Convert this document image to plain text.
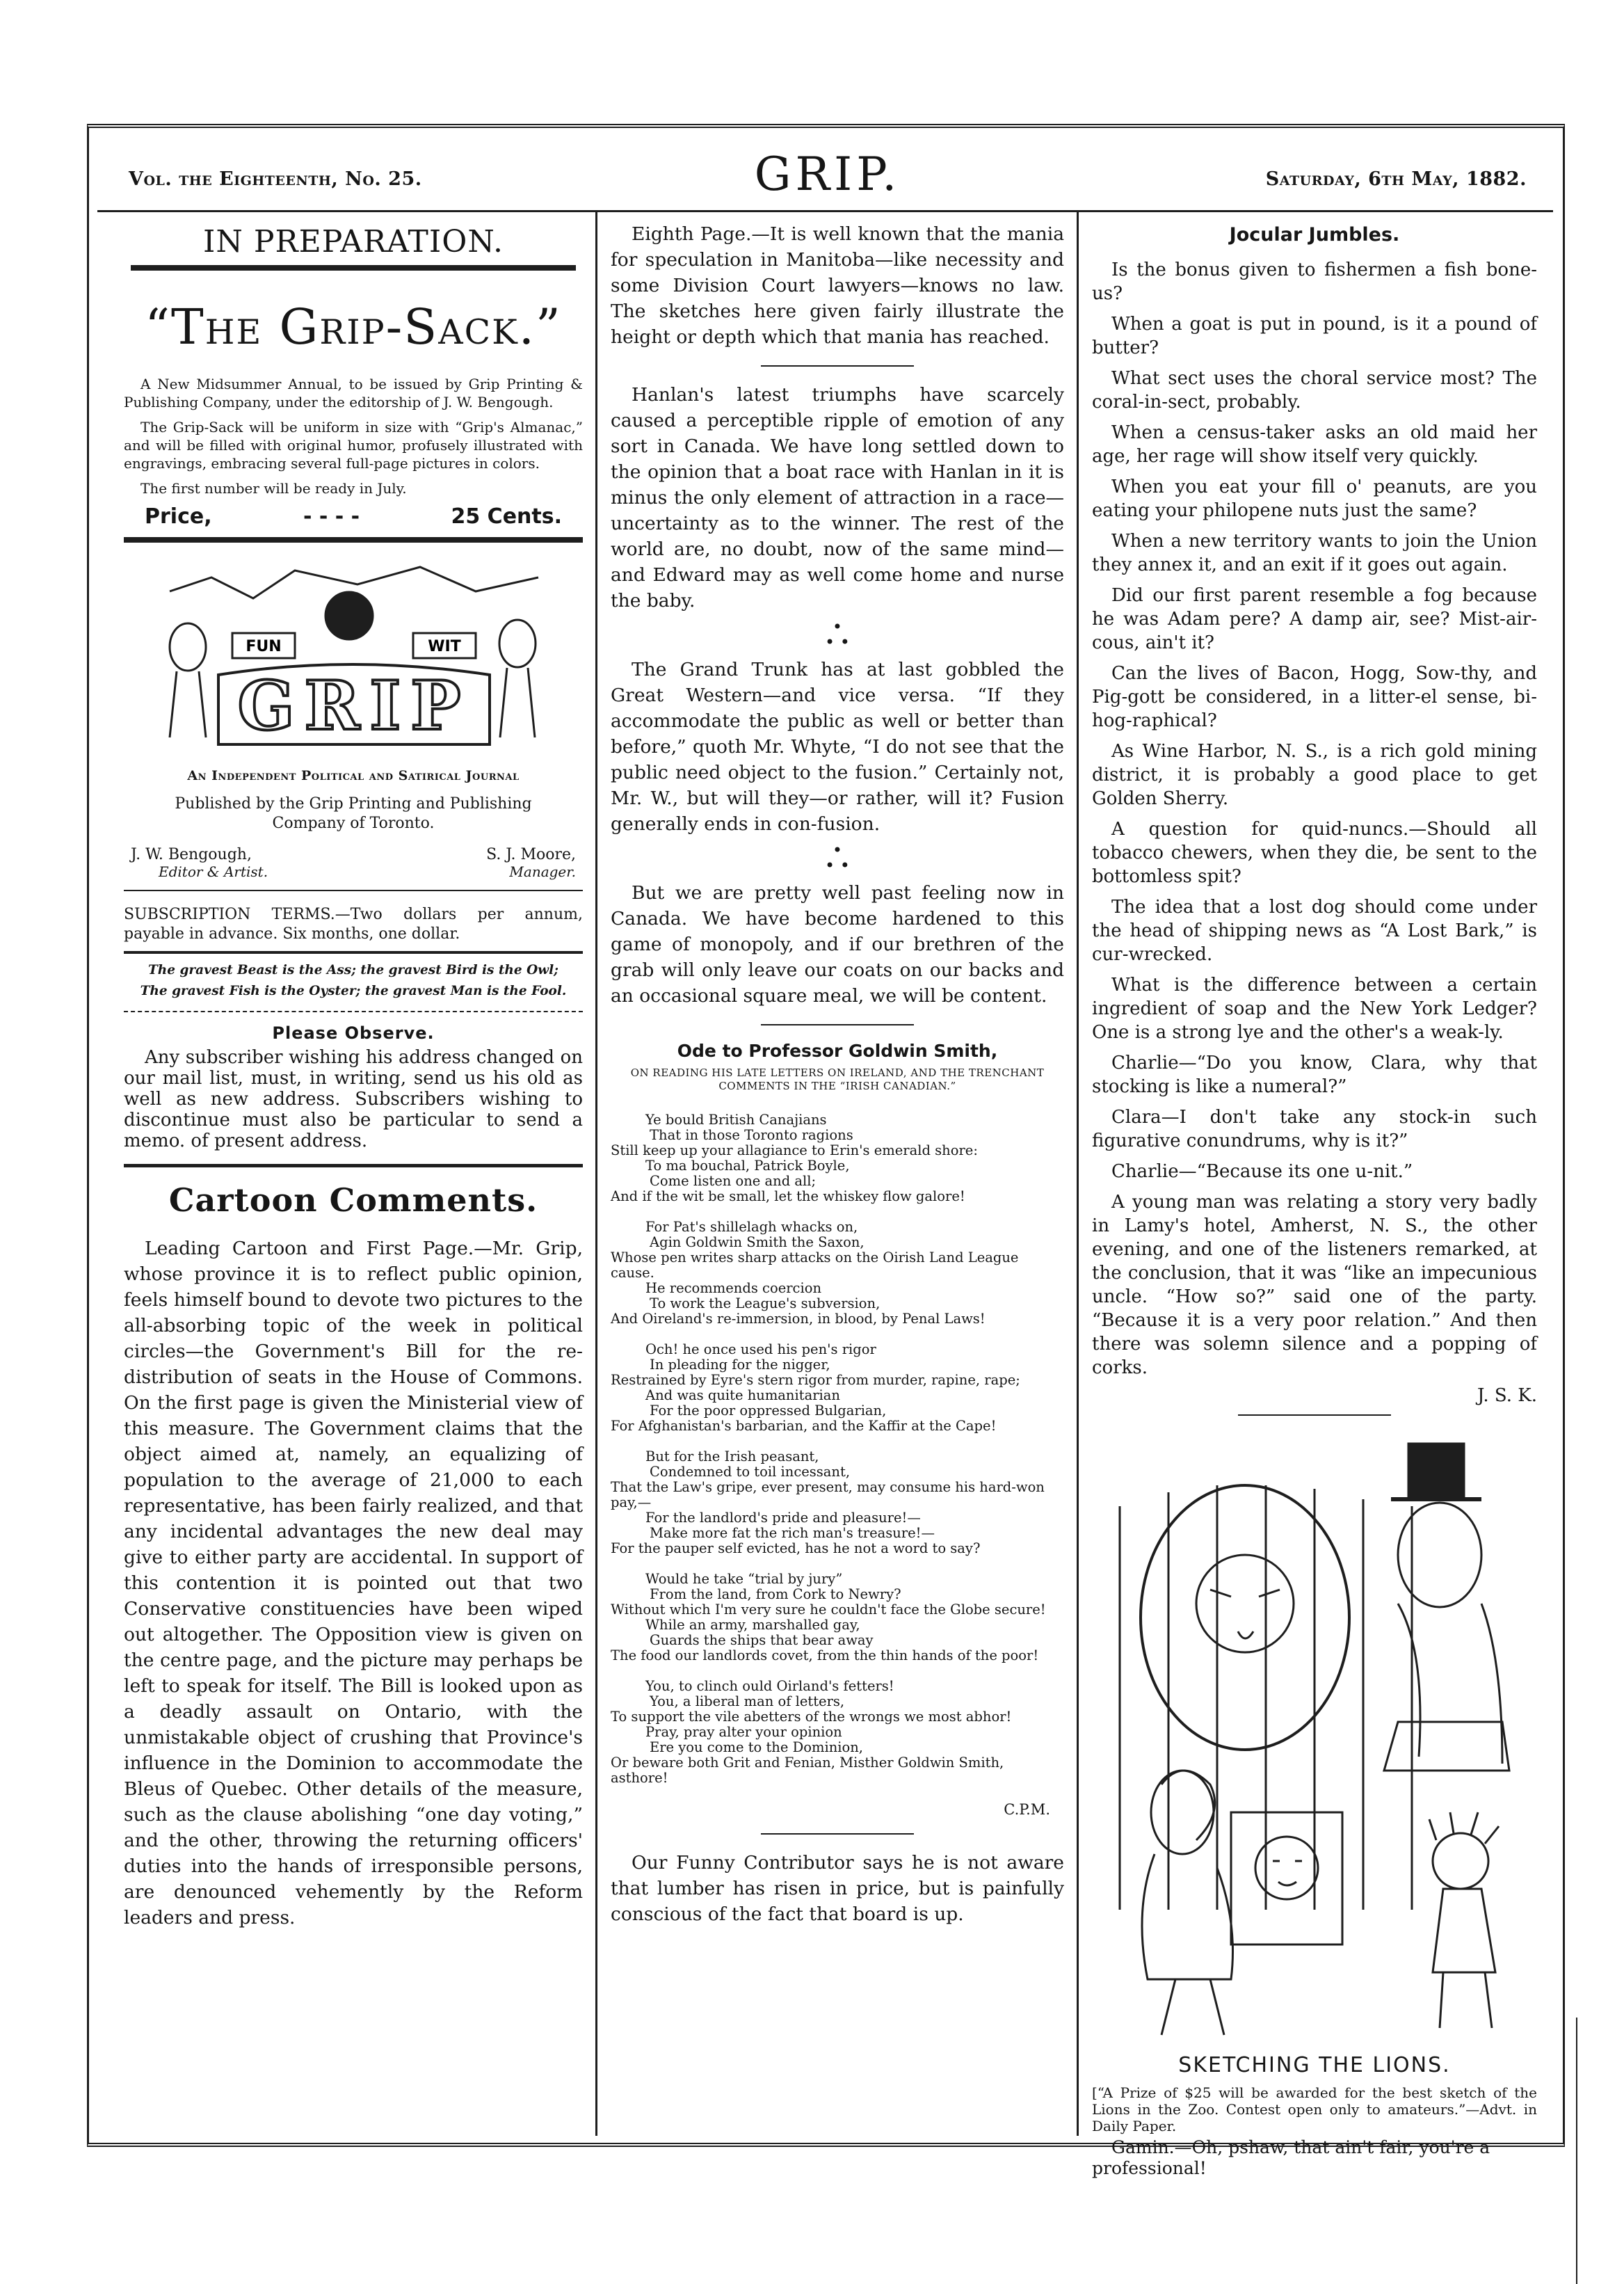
Vol. the Eighteenth, No. 25.	GRIP.	Saturday, 6th May, 1882.
IN PREPARATION.
“The Grip-Sack.”

A New Midsummer Annual, to be issued by Grip Printing & Publishing Company, under the editorship of J. W. Bengough.

The Grip-Sack will be uniform in size with “Grip's Almanac,” and will be filled with original humor, profusely illustrated with engravings, embracing several full-page pictures in colors.

The first number will be ready in July.

Price,	- - - -	25 Cents.
FUN	WIT
GRIP
An Independent Political and Satirical Journal
Published by the Grip Printing and Publishing Company of Toronto.
J. W. Bengough,
Editor & Artist.
S. J. Moore,
Manager.
SUBSCRIPTION TERMS.—Two dollars per annum, payable in advance. Six months, one dollar.
The gravest Beast is the Ass; the gravest Bird is the Owl;
The gravest Fish is the Oyster; the gravest Man is the Fool.
Please Observe.

Any subscriber wishing his address changed on our mail list, must, in writing, send us his old as well as new address. Subscribers wishing to discontinue must also be particular to send a memo. of present address.

Cartoon Comments.

Leading Cartoon and First Page.—Mr. Grip, whose province it is to reflect public opinion, feels himself bound to devote two pictures to the all-absorbing topic of the week in political circles—the Government's Bill for the re-distribution of seats in the House of Commons. On the first page is given the Ministerial view of this measure. The Government claims that the object aimed at, namely, an equalizing of population to the average of 21,000 to each representative, has been fairly realized, and that any incidental advantages the new deal may give to either party are accidental. In support of this contention it is pointed out that two Conservative constituencies have been wiped out altogether. The Opposition view is given on the centre page, and the picture may perhaps be left to speak for itself. The Bill is looked upon as a deadly assault on Ontario, with the unmistakable object of crushing that Province's influence in the Dominion to accommodate the Bleus of Quebec. Other details of the measure, such as the clause abolishing “one day voting,” and the other, throwing the returning officers' duties into the hands of irresponsible persons, are denounced vehemently by the Reform leaders and press.

Eighth Page.—It is well known that the mania for speculation in Manitoba—like necessity and some Division Court lawyers—knows no law. The sketches here given fairly illustrate the height or depth which that mania has reached.

Hanlan's latest triumphs have scarcely caused a perceptible ripple of emotion of any sort in Canada. We have long settled down to the opinion that a boat race with Hanlan in it is minus the only element of attraction in a race—uncertainty as to the winner. The rest of the world are, no doubt, now of the same mind—and Edward may as well come home and nurse the baby.

•
• •

The Grand Trunk has at last gobbled the Great Western—and vice versa. “If they accommodate the public as well or better than before,” quoth Mr. Whyte, “I do not see that the public need object to the fusion.” Certainly not, Mr. W., but will they—or rather, will it? Fusion generally ends in con-fusion.

•
• •

But we are pretty well past feeling now in Canada. We have become hardened to this game of monopoly, and if our brethren of the grab will only leave our coats on our backs and an occasional square meal, we will be content.

Ode to Professor Goldwin Smith,
ON READING HIS LATE LETTERS ON IRELAND, AND THE TRENCHANT COMMENTS IN THE “IRISH CANADIAN.”

Ye bould British Canajians

That in those Toronto ragions

Still keep up your allagiance to Erin's emerald shore:

To ma bouchal, Patrick Boyle,

Come listen one and all;

And if the wit be small, let the whiskey flow galore!

For Pat's shillelagh whacks on,

Agin Goldwin Smith the Saxon,

Whose pen writes sharp attacks on the Oirish Land League cause.

He recommends coercion

To work the League's subversion,

And Oireland's re-immersion, in blood, by Penal Laws!

Och! he once used his pen's rigor

In pleading for the nigger,

Restrained by Eyre's stern rigor from murder, rapine, rape;

And was quite humanitarian

For the poor oppressed Bulgarian,

For Afghanistan's barbarian, and the Kaffir at the Cape!

But for the Irish peasant,

Condemned to toil incessant,

That the Law's gripe, ever present, may consume his hard-won pay,—

For the landlord's pride and pleasure!—

Make more fat the rich man's treasure!—

For the pauper self evicted, has he not a word to say?

Would he take “trial by jury”

From the land, from Cork to Newry?

Without which I'm very sure he couldn't face the Globe secure!

While an army, marshalled gay,

Guards the ships that bear away

The food our landlords covet, from the thin hands of the poor!

You, to clinch ould Oirland's fetters!

You, a liberal man of letters,

To support the vile abetters of the wrongs we most abhor!

Pray, pray alter your opinion

Ere you come to the Dominion,

Or beware both Grit and Fenian, Misther Goldwin Smith, asthore!

C.P.M.

Our Funny Contributor says he is not aware that lumber has risen in price, but is painfully conscious of the fact that board is up.

Jocular Jumbles.

Is the bonus given to fishermen a fish bone-us?

When a goat is put in pound, is it a pound of butter?

What sect uses the choral service most? The coral-in-sect, probably.

When a census-taker asks an old maid her age, her rage will show itself very quickly.

When you eat your fill o' peanuts, are you eating your philopene nuts just the same?

When a new territory wants to join the Union they annex it, and an exit if it goes out again.

Did our first parent resemble a fog because he was Adam pere? A damp air, see? Mist-air-cous, ain't it?

Can the lives of Bacon, Hogg, Sow-thy, and Pig-gott be considered, in a litter-el sense, bi-hog-raphical?

As Wine Harbor, N. S., is a rich gold mining district, it is probably a good place to get Golden Sherry.

A question for quid-nuncs.—Should all tobacco chewers, when they die, be sent to the bottomless spit?

The idea that a lost dog should come under the head of shipping news as “A Lost Bark,” is cur-wrecked.

What is the difference between a certain ingredient of soap and the New York Ledger? One is a strong lye and the other's a weak-ly.

Charlie—“Do you know, Clara, why that stocking is like a numeral?”

Clara—I don't take any stock-in such figurative conundrums, why is it?”

Charlie—“Because its one u-nit.”

A young man was relating a story very badly in Lamy's hotel, Amherst, N. S., the other evening, and one of the listeners remarked, at the conclusion, that it was “like an impecunious uncle. “How so?” said one of the party. “Because it is a very poor relation.” And then there was solemn silence and a popping of corks.

J. S. K.
SKETCHING THE LIONS.

[“A Prize of $25 will be awarded for the best sketch of the Lions in the Zoo. Contest open only to amateurs.”—Advt. in Daily Paper.

Gamin.—Oh, pshaw, that ain't fair, you're a professional!
